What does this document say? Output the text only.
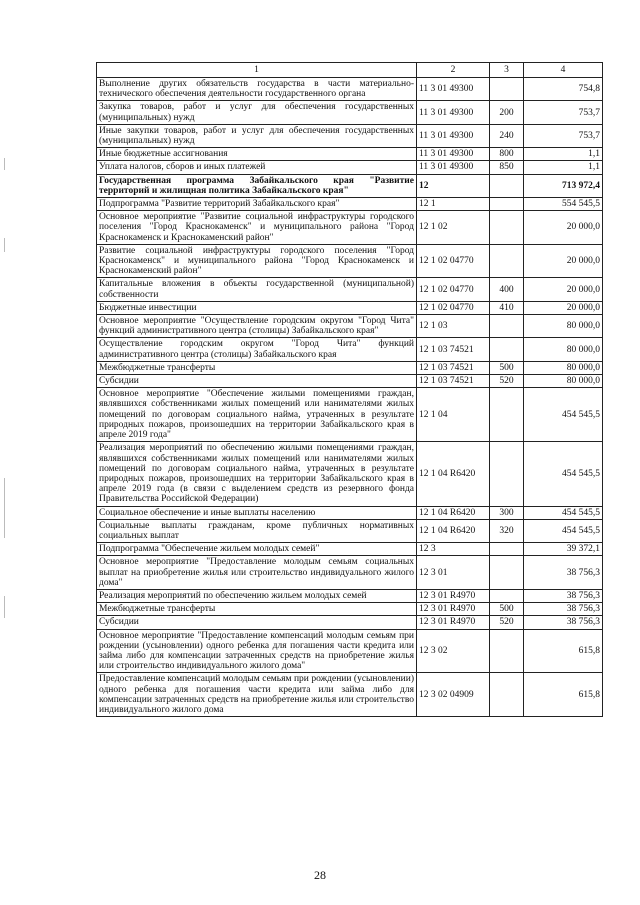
1	2	3	4
Выполнение других обязательств государства в части материально-технического обеспечения деятельности государственного органа	11 3 01 49300		754,8
Закупка товаров, работ и услуг для обеспечения государственных (муниципальных) нужд	11 3 01 49300	200	753,7
Иные закупки товаров, работ и услуг для обеспечения государственных (муниципальных) нужд	11 3 01 49300	240	753,7
Иные бюджетные ассигнования	11 3 01 49300	800	1,1
Уплата налогов, сборов и иных платежей	11 3 01 49300	850	1,1
Государственная программа Забайкальского края "Развитие территорий и жилищная политика Забайкальского края"	12		713 972,4
Подпрограмма "Развитие территорий Забайкальского края"	12 1		554 545,5
Основное мероприятие "Развитие социальной инфраструктуры городского поселения "Город Краснокаменск" и муниципального района "Город Краснокаменск и Краснокаменский район"	12 1 02		20 000,0
Развитие социальной инфраструктуры городского поселения "Город Краснокаменск" и муниципального района "Город Краснокаменск и Краснокаменский район"	12 1 02 04770		20 000,0
Капитальные вложения в объекты государственной (муниципальной) собственности	12 1 02 04770	400	20 000,0
Бюджетные инвестиции	12 1 02 04770	410	20 000,0
Основное мероприятие "Осуществление городским округом "Город Чита" функций административного центра (столицы) Забайкальского края"	12 1 03		80 000,0
Осуществление городским округом "Город Чита" функций административного центра (столицы) Забайкальского края	12 1 03 74521		80 000,0
Межбюджетные трансферты	12 1 03 74521	500	80 000,0
Субсидии	12 1 03 74521	520	80 000,0
Основное мероприятие "Обеспечение жилыми помещениями граждан, являвшихся собственниками жилых помещений или нанимателями жилых помещений по договорам социального найма, утраченных в результате природных пожаров, произошедших на территории Забайкальского края в апреле 2019 года"	12 1 04		454 545,5
Реализация мероприятий по обеспечению жилыми помещениями граждан, являвшихся собственниками жилых помещений или нанимателями жилых помещений по договорам социального найма, утраченных в результате природных пожаров, произошедших на территории Забайкальского края в апреле 2019 года (в связи с выделением средств из резервного фонда Правительства Российской Федерации)	12 1 04 R6420		454 545,5
Социальное обеспечение и иные выплаты населению	12 1 04 R6420	300	454 545,5
Социальные выплаты гражданам, кроме публичных нормативных социальных выплат	12 1 04 R6420	320	454 545,5
Подпрограмма "Обеспечение жильем молодых семей"	12 3		39 372,1
Основное мероприятие "Предоставление молодым семьям социальных выплат на приобретение жилья или строительство индивидуального жилого дома"	12 3 01		38 756,3
Реализация мероприятий по обеспечению жильем молодых семей	12 3 01 R4970		38 756,3
Межбюджетные трансферты	12 3 01 R4970	500	38 756,3
Субсидии	12 3 01 R4970	520	38 756,3
Основное мероприятие "Предоставление компенсаций молодым семьям при рождении (усыновлении) одного ребенка для погашения части кредита или займа либо для компенсации затраченных средств на приобретение жилья или строительство индивидуального жилого дома"	12 3 02		615,8
Предоставление компенсаций молодым семьям при рождении (усыновлении) одного ребенка для погашения части кредита или займа либо для компенсации затраченных средств на приобретение жилья или строительство индивидуального жилого дома	12 3 02 04909		615,8
28
